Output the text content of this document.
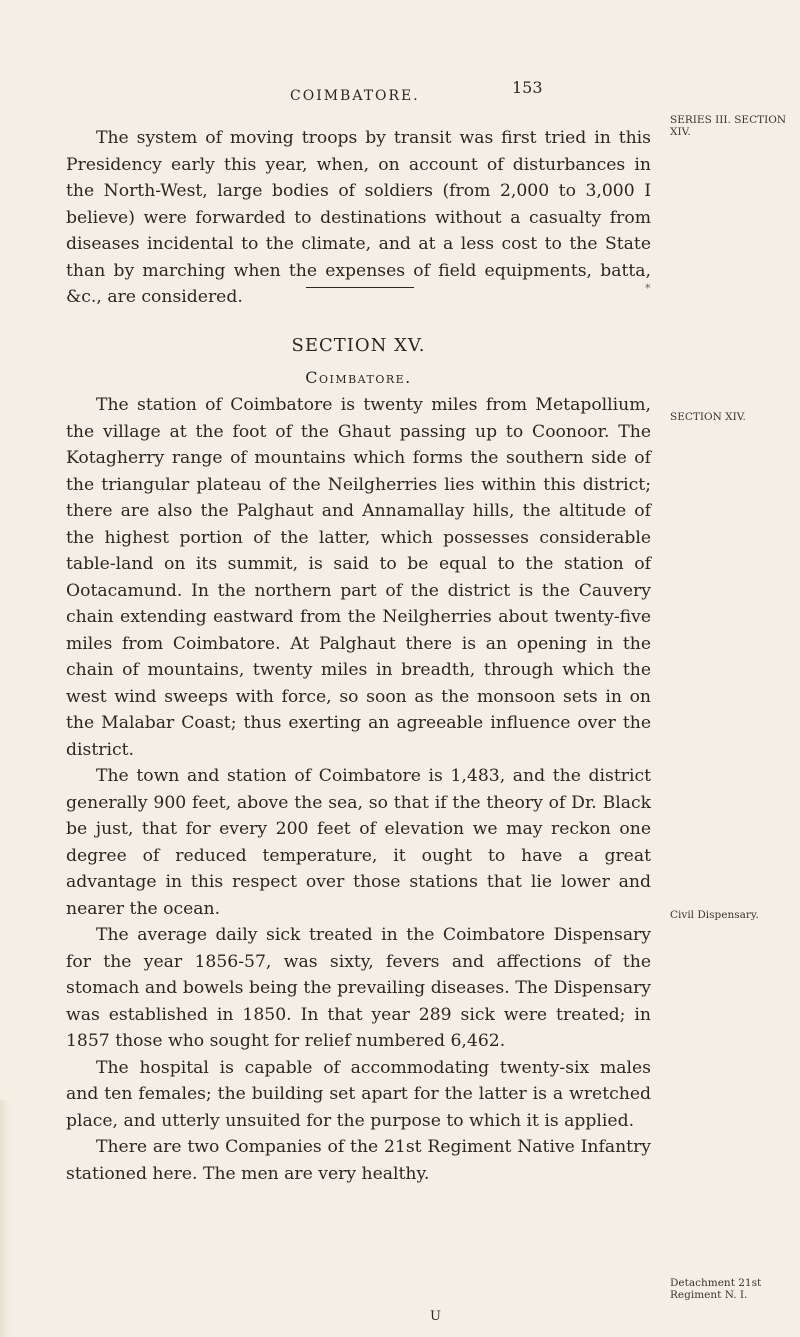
COIMBATORE.	153
SERIES III. SECTION XIV.

The system of moving troops by transit was first tried in this Presidency early this year, when, on account of disturbances in the North-West, large bodies of soldiers (from 2,000 to 3,000 I believe) were forwarded to destinations without a casualty from diseases incidental to the climate, and at a less cost to the State than by marching when the expenses of field equipments, batta, &c., are considered.	*
SECTION XV.
Coimbatore.
SECTION XIV.

The station of Coimbatore is twenty miles from Metapollium, the village at the foot of the Ghaut passing up to Coonoor. The Kotagherry range of mountains which forms the southern side of the triangular plateau of the Neilgherries lies within this district; there are also the Palghaut and Annamallay hills, the altitude of the highest portion of the latter, which possesses considerable table-land on its summit, is said to be equal to the station of Ootacamund. In the northern part of the district is the Cauvery chain extending eastward from the Neilgherries about twenty-five miles from Coimbatore. At Palghaut there is an opening in the chain of mountains, twenty miles in breadth, through which the west wind sweeps with force, so soon as the monsoon sets in on the Malabar Coast; thus exerting an agreeable influence over the district.

The town and station of Coimbatore is 1,483, and the district generally 900 feet, above the sea, so that if the theory of Dr. Black be just, that for every 200 feet of elevation we may reckon one degree of reduced temperature, it ought to have a great advantage in this respect over those stations that lie lower and nearer the ocean.

The average daily sick treated in the Coimbatore Dispensary for the year 1856-57, was sixty, fevers and affections of the stomach and bowels being the prevailing diseases. The Dispensary was established in 1850. In that year 289 sick were treated; in 1857 those who sought for relief numbered 6,462.

The hospital is capable of accommodating twenty-six males and ten females; the building set apart for the latter is a wretched place, and utterly unsuited for the purpose to which it is applied.

There are two Companies of the 21st Regiment Native Infantry stationed here. The men are very healthy.

Civil Dispensary.
Detachment 21st Regiment N. I.
U
